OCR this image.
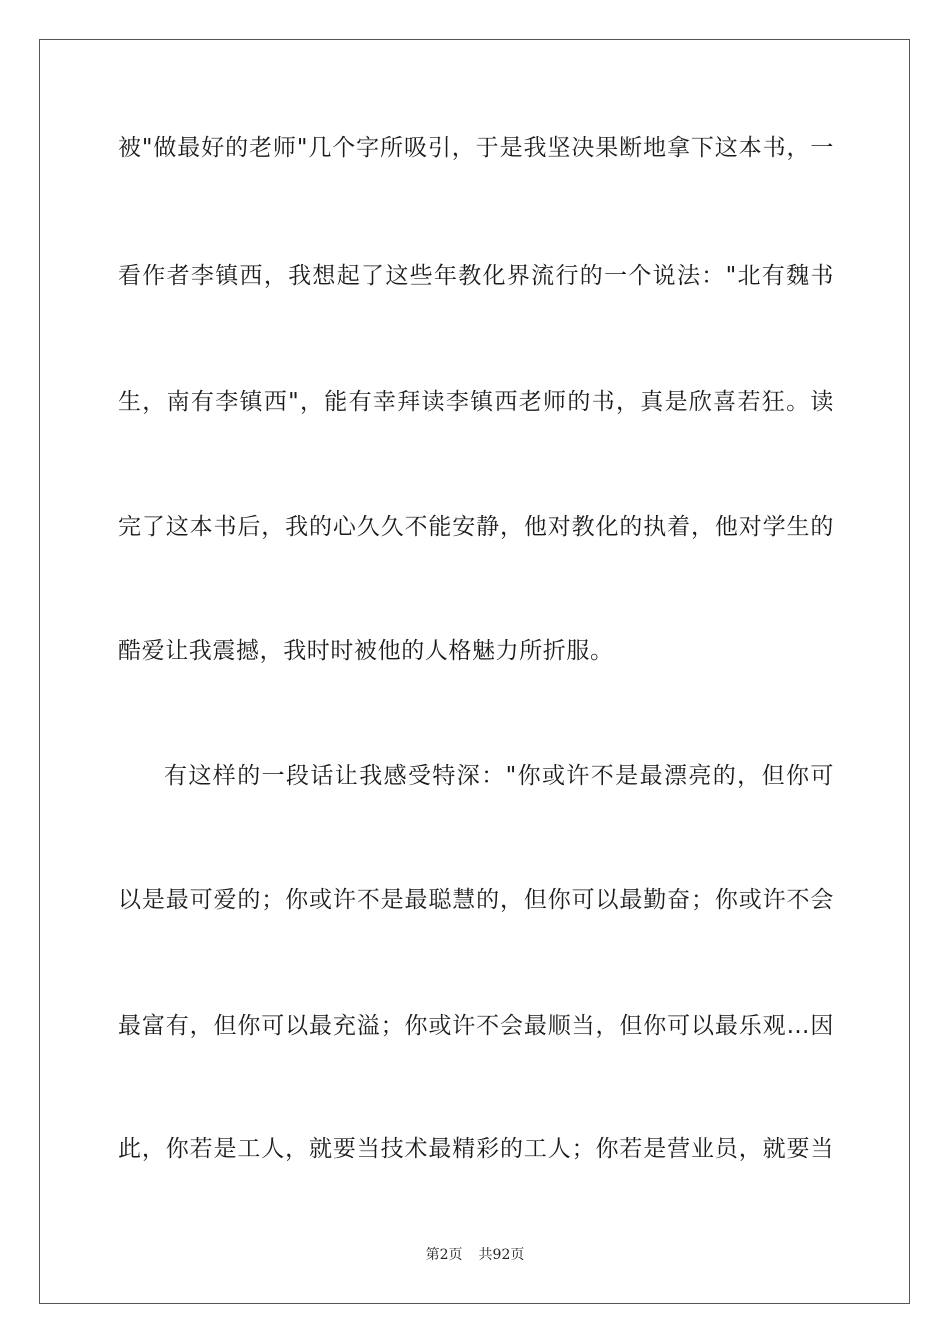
被"做最好的老师"几个字所吸引，于是我坚决果断地拿下这本书，一
看作者李镇西，我想起了这些年教化界流行的一个说法："北有魏书
生，南有李镇西"，能有幸拜读李镇西老师的书，真是欣喜若狂。读
完了这本书后，我的心久久不能安静，他对教化的执着，他对学生的
酷爱让我震撼，我时时被他的人格魅力所折服。
有这样的一段话让我感受特深："你或许不是最漂亮的，但你可
以是最可爱的；你或许不是最聪慧的，但你可以最勤奋；你或许不会
最富有，但你可以最充溢；你或许不会最顺当，但你可以最乐观…因
此，你若是工人，就要当技术最精彩的工人；你若是营业员，就要当
第2页 共92页
